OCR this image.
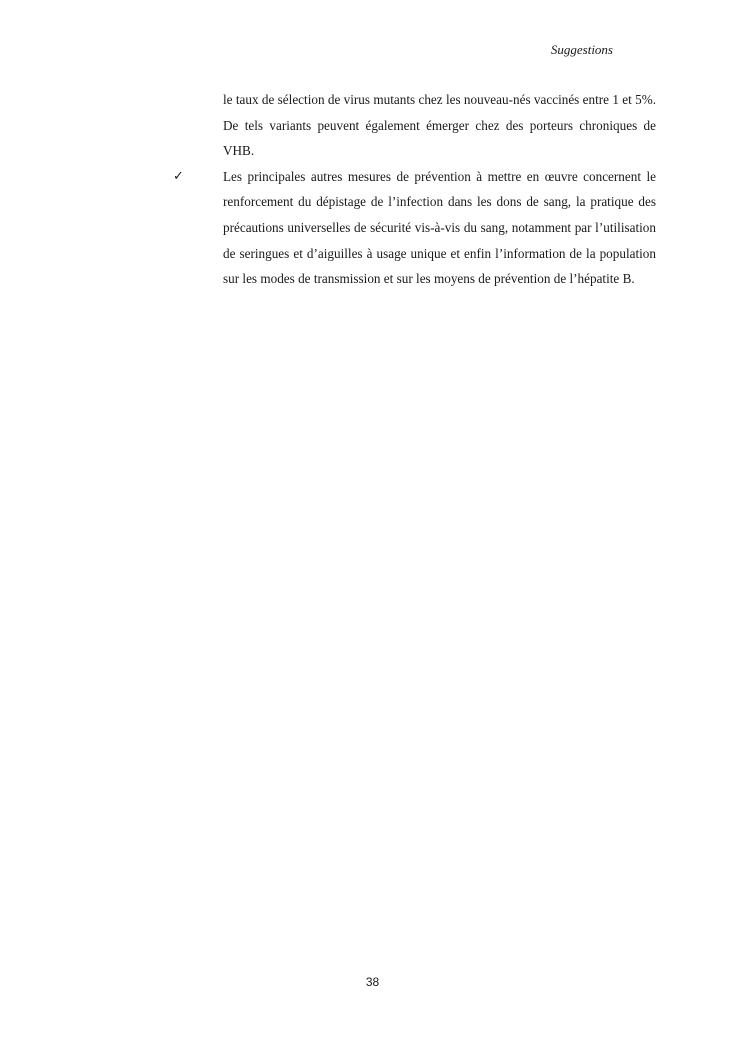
Suggestions

le taux de sélection de virus mutants chez les nouveau-nés vaccinés entre 1 et 5%. De tels variants peuvent également émerger chez des porteurs chroniques de VHB.

✓	Les principales autres mesures de prévention à mettre en œuvre concernent le renforcement du dépistage de l’infection dans les dons de sang, la pratique des précautions universelles de sécurité vis-à-vis du sang, notamment par l’utilisation de seringues et d’aiguilles à usage unique et enfin l’information de la population sur les modes de transmission et sur les moyens de prévention de l’hépatite B.
38
